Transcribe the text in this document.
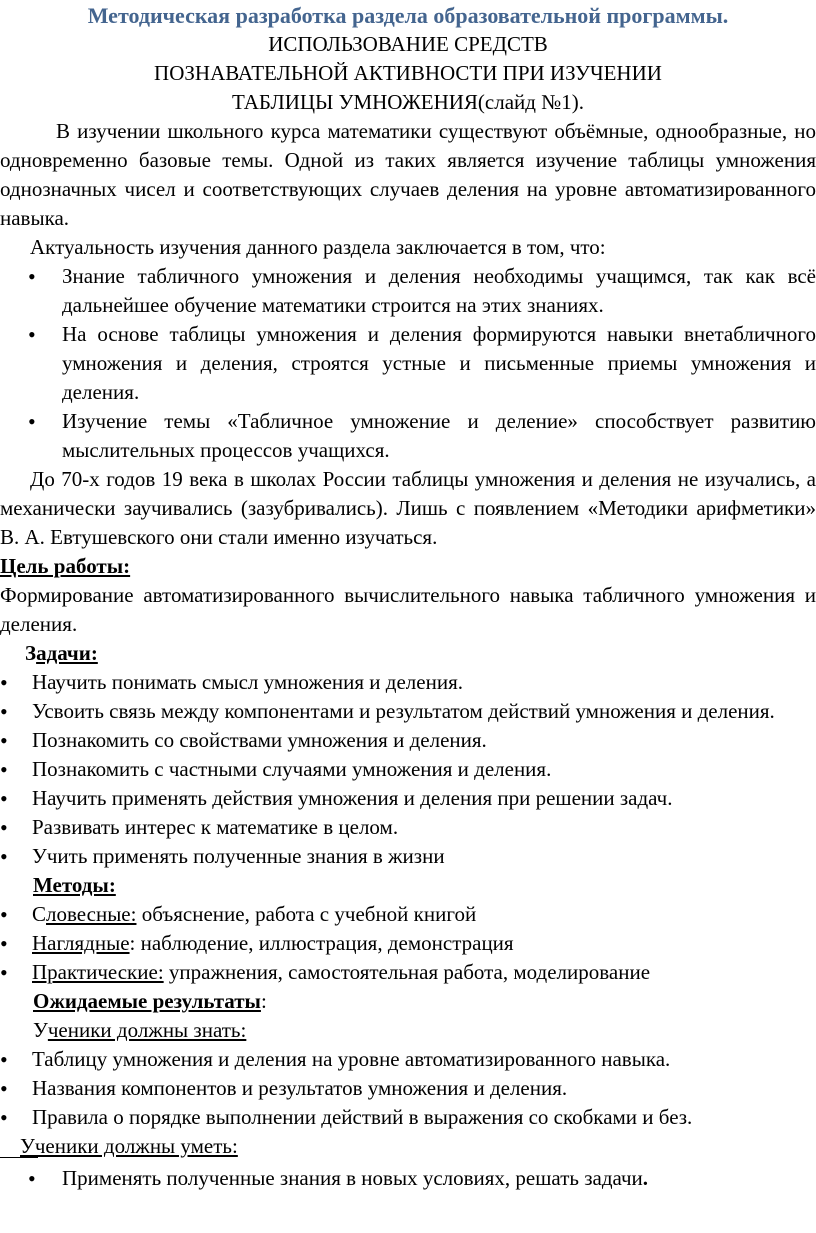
Методическая разработка раздела образовательной программы.
ИСПОЛЬЗОВАНИЕ СРЕДСТВ
ПОЗНАВАТЕЛЬНОЙ АКТИВНОСТИ ПРИ ИЗУЧЕНИИ
ТАБЛИЦЫ УМНОЖЕНИЯ(слайд №1).

В изучении школьного курса математики существуют объёмные, однообразные, но одновременно базовые темы. Одной из таких является изучение таблицы умножения однозначных чисел и соответствующих случаев деления на уровне автоматизированного навыка.

Актуальность изучения данного раздела заключается в том, что:

• Знание табличного умножения и деления необходимы учащимся, так как всё дальнейшее обучение математики строится на этих знаниях.
• На основе таблицы умножения и деления формируются навыки внетабличного умножения и деления, строятся устные и письменные приемы умножения и деления.
• Изучение темы «Табличное умножение и деление» способствует развитию мыслительных процессов учащихся.

До 70-х годов 19 века в школах России таблицы умножения и деления не изучались, а механически заучивались (зазубривались). Лишь с появлением «Методики арифметики» В. А. Евтушевского они стали именно изучаться.

Цель работы:

Формирование автоматизированного вычислительного навыка табличного умножения и деления.

Задачи:

• Научить понимать смысл умножения и деления.
• Усвоить связь между компонентами и результатом действий умножения и деления.
• Познакомить со свойствами умножения и деления.
• Познакомить с частными случаями умножения и деления.
• Научить применять действия умножения и деления при решении задач.
• Развивать интерес к математике в целом.
• Учить применять полученные знания в жизни

Методы:

• Словесные: объяснение, работа с учебной книгой
• Наглядные: наблюдение, иллюстрация, демонстрация
• Практические: упражнения, самостоятельная работа, моделирование

Ожидаемые результаты:

Ученики должны знать:

• Таблицу умножения и деления на уровне автоматизированного навыка.
• Названия компонентов и результатов умножения и деления.
• Правила о порядке выполнении действий в выражения со скобками и без.

Ученики должны уметь:

• Применять полученные знания в новых условиях, решать задачи.
